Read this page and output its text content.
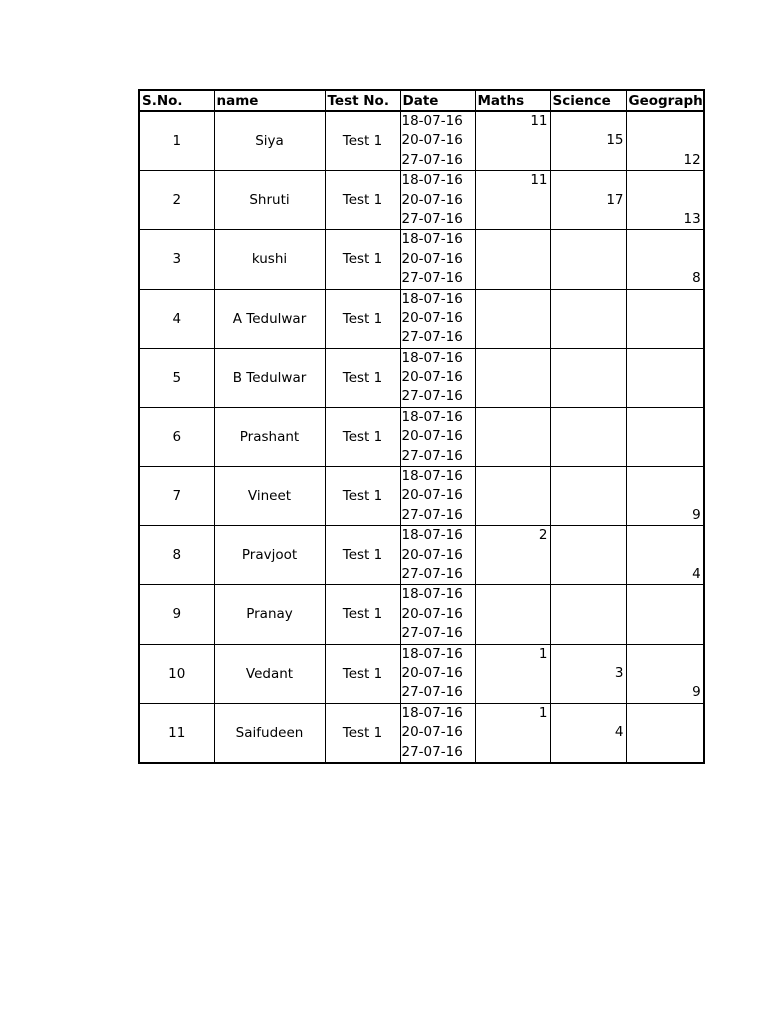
S.No.	name	Test No.	Date	Maths	Science	Geograph
1	Siya	Test 1	18-07-16
20-07-16
27-07-16	11	15	12

2	Shruti	Test 1	18-07-16
20-07-16
27-07-16	11	17	13

3	kushi	Test 1	18-07-16
20-07-16
27-07-16			8

4	A Tedulwar	Test 1	18-07-16
20-07-16
27-07-16			

5	B Tedulwar	Test 1	18-07-16
20-07-16
27-07-16			

6	Prashant	Test 1	18-07-16
20-07-16
27-07-16			

7	Vineet	Test 1	18-07-16
20-07-16
27-07-16			9

8	Pravjoot	Test 1	18-07-16
20-07-16
27-07-16	2		4

9	Pranay	Test 1	18-07-16
20-07-16
27-07-16			

10	Vedant	Test 1	18-07-16
20-07-16
27-07-16	1	3	9

11	Saifudeen	Test 1	18-07-16
20-07-16
27-07-16	1	4	
